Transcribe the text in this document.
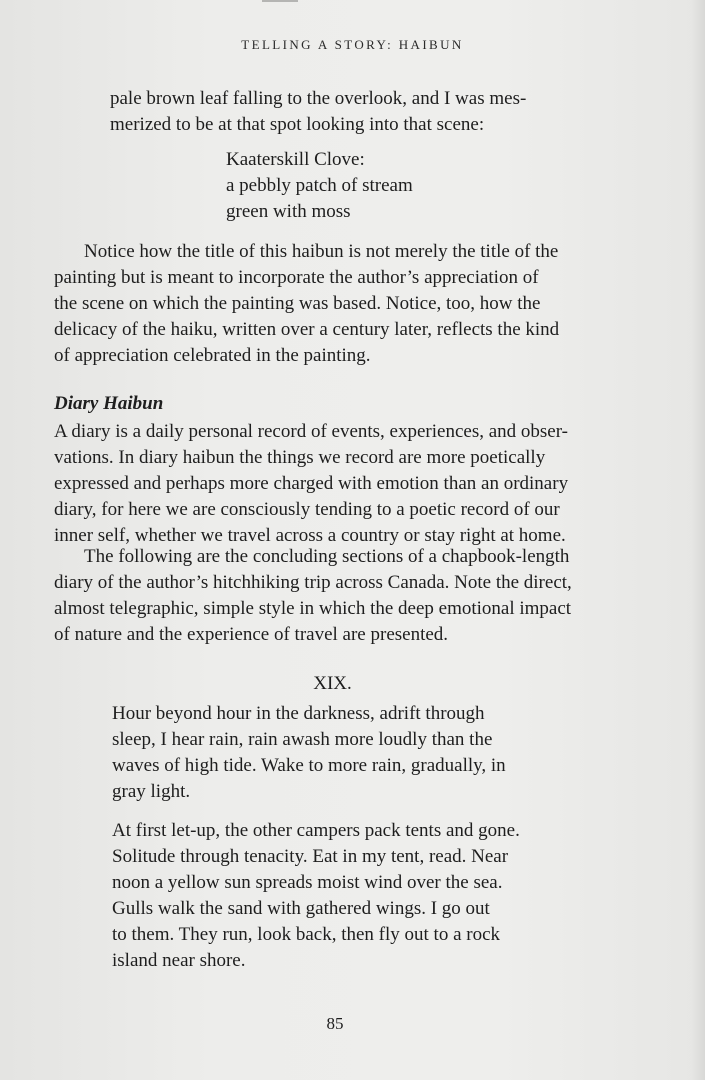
TELLING A STORY: HAIBUN
pale brown leaf falling to the overlook, and I was mes-
merized to be at that spot looking into that scene:
Kaaterskill Clove:
a pebbly patch of stream
green with moss
Notice how the title of this haibun is not merely the title of the
painting but is meant to incorporate the author’s appreciation of
the scene on which the painting was based. Notice, too, how the
delicacy of the haiku, written over a century later, reflects the kind
of appreciation celebrated in the painting.
Diary Haibun
A diary is a daily personal record of events, experiences, and obser-
vations. In diary haibun the things we record are more poetically
expressed and perhaps more charged with emotion than an ordinary
diary, for here we are consciously tending to a poetic record of our
inner self, whether we travel across a country or stay right at home.
The following are the concluding sections of a chapbook-length
diary of the author’s hitchhiking trip across Canada. Note the direct,
almost telegraphic, simple style in which the deep emotional impact
of nature and the experience of travel are presented.
XIX.
Hour beyond hour in the darkness, adrift through
sleep, I hear rain, rain awash more loudly than the
waves of high tide. Wake to more rain, gradually, in
gray light.
At first let-up, the other campers pack tents and gone.
Solitude through tenacity. Eat in my tent, read. Near
noon a yellow sun spreads moist wind over the sea.
Gulls walk the sand with gathered wings. I go out
to them. They run, look back, then fly out to a rock
island near shore.
85
